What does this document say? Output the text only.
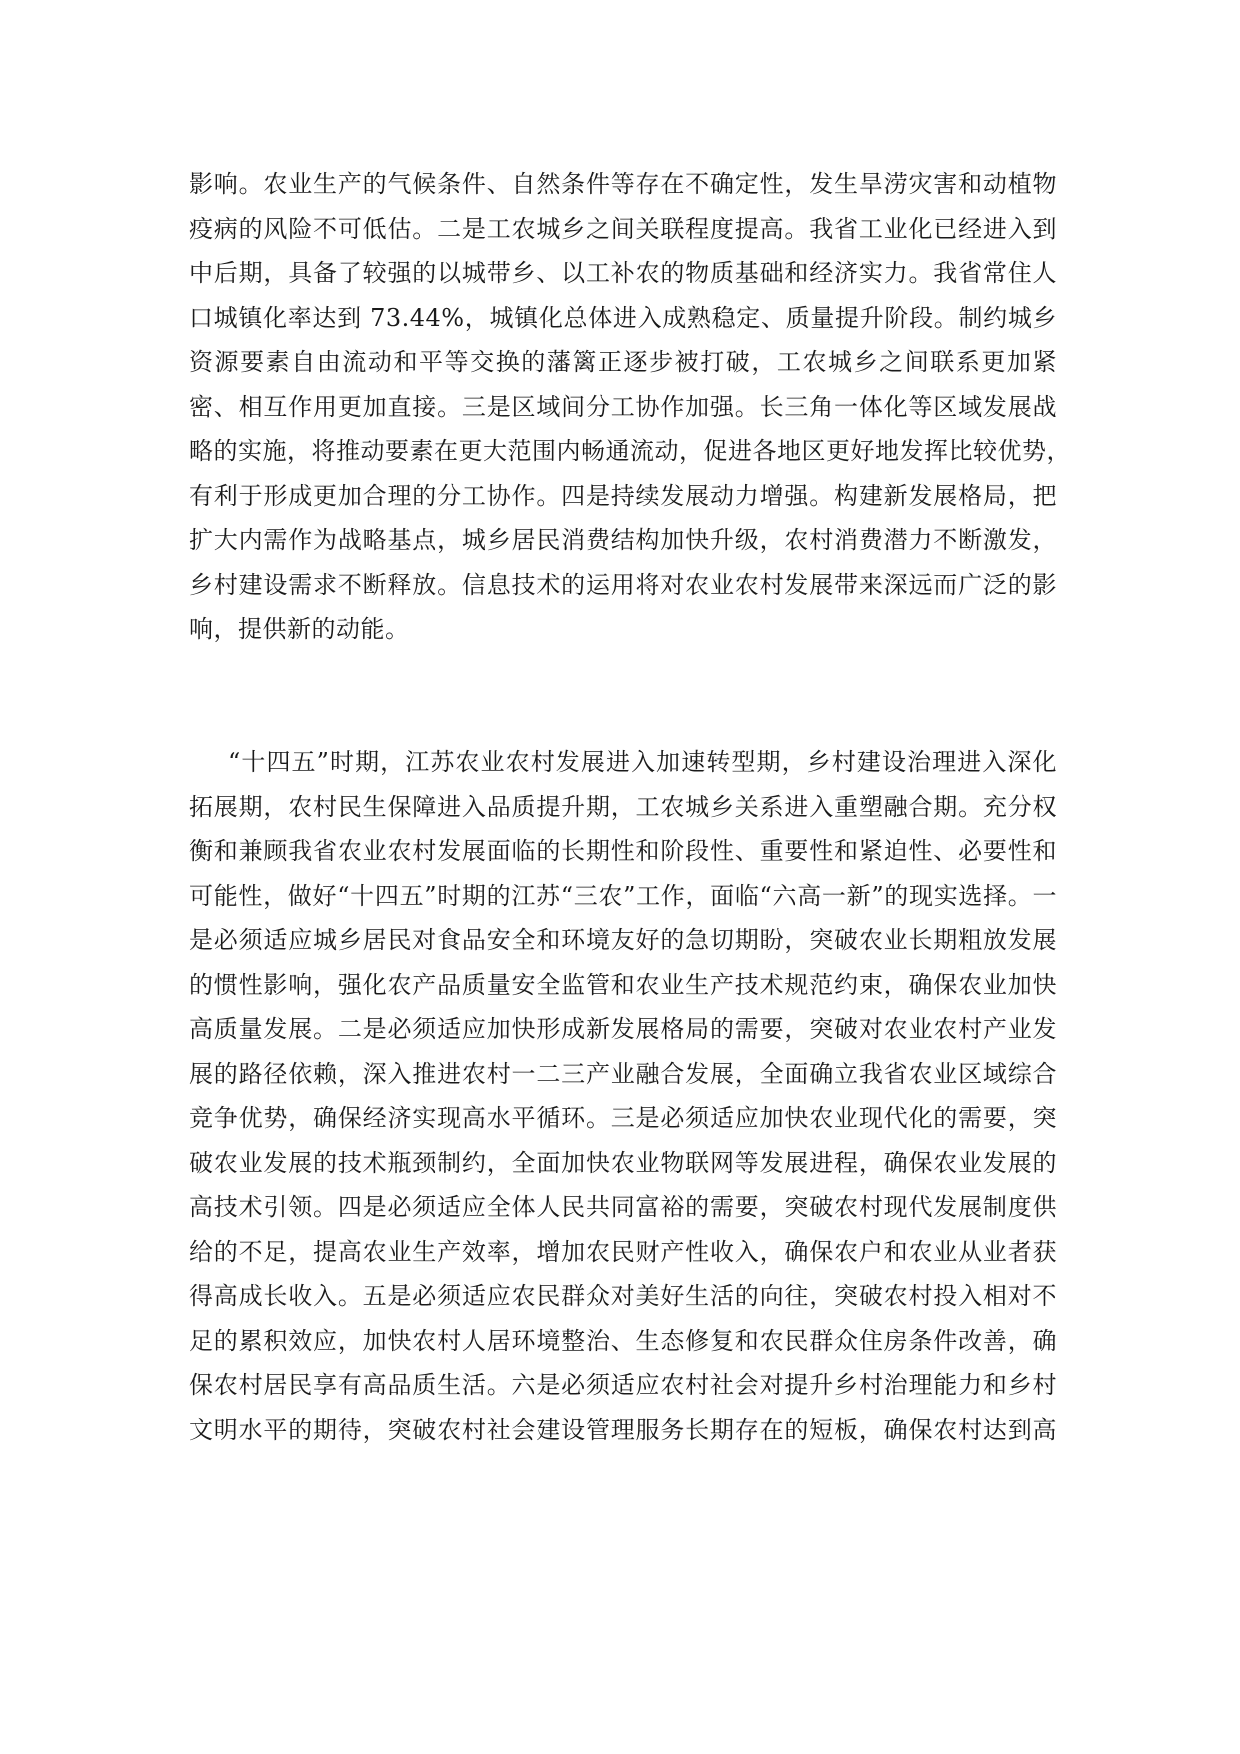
影响。农业生产的气候条件、自然条件等存在不确定性，发生旱涝灾害和动植物
疫病的风险不可低估。二是工农城乡之间关联程度提高。我省工业化已经进入到
中后期，具备了较强的以城带乡、以工补农的物质基础和经济实力。我省常住人
口城镇化率达到 73.44%，城镇化总体进入成熟稳定、质量提升阶段。制约城乡
资源要素自由流动和平等交换的藩篱正逐步被打破，工农城乡之间联系更加紧
密、相互作用更加直接。三是区域间分工协作加强。长三角一体化等区域发展战
略的实施，将推动要素在更大范围内畅通流动，促进各地区更好地发挥比较优势，
有利于形成更加合理的分工协作。四是持续发展动力增强。构建新发展格局，把
扩大内需作为战略基点，城乡居民消费结构加快升级，农村消费潜力不断激发，
乡村建设需求不断释放。信息技术的运用将对农业农村发展带来深远而广泛的影
响，提供新的动能。
“十四五”时期，江苏农业农村发展进入加速转型期，乡村建设治理进入深化
拓展期，农村民生保障进入品质提升期，工农城乡关系进入重塑融合期。充分权
衡和兼顾我省农业农村发展面临的长期性和阶段性、重要性和紧迫性、必要性和
可能性，做好“十四五”时期的江苏“三农”工作，面临“六高一新”的现实选择。一
是必须适应城乡居民对食品安全和环境友好的急切期盼，突破农业长期粗放发展
的惯性影响，强化农产品质量安全监管和农业生产技术规范约束，确保农业加快
高质量发展。二是必须适应加快形成新发展格局的需要，突破对农业农村产业发
展的路径依赖，深入推进农村一二三产业融合发展，全面确立我省农业区域综合
竞争优势，确保经济实现高水平循环。三是必须适应加快农业现代化的需要，突
破农业发展的技术瓶颈制约，全面加快农业物联网等发展进程，确保农业发展的
高技术引领。四是必须适应全体人民共同富裕的需要，突破农村现代发展制度供
给的不足，提高农业生产效率，增加农民财产性收入，确保农户和农业从业者获
得高成长收入。五是必须适应农民群众对美好生活的向往，突破农村投入相对不
足的累积效应，加快农村人居环境整治、生态修复和农民群众住房条件改善，确
保农村居民享有高品质生活。六是必须适应农村社会对提升乡村治理能力和乡村
文明水平的期待，突破农村社会建设管理服务长期存在的短板，确保农村达到高
